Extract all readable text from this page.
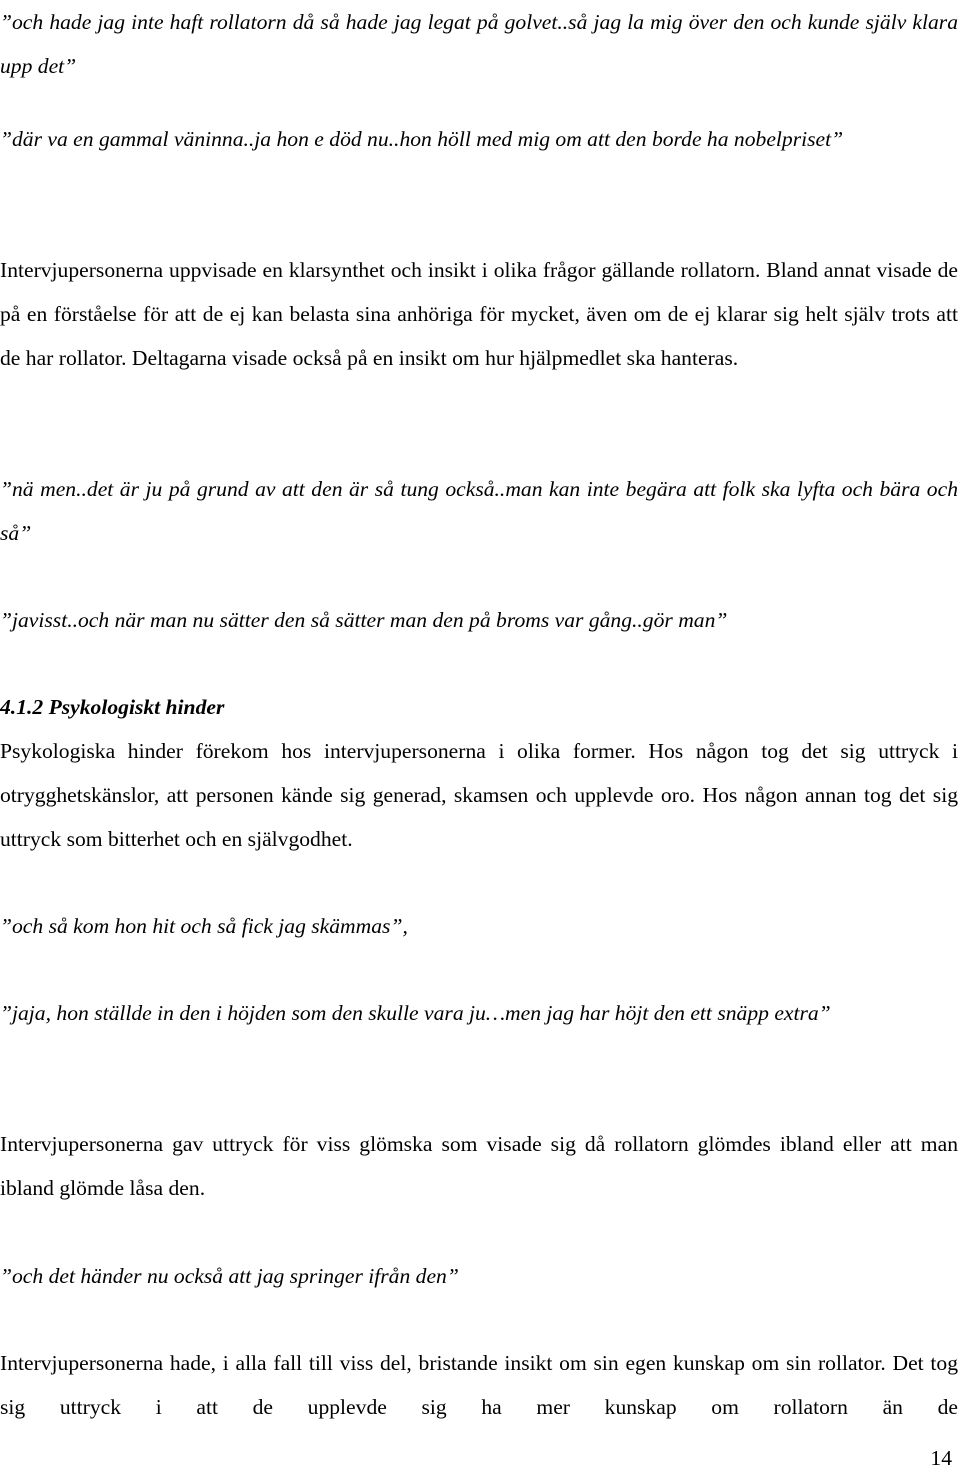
”och hade jag inte haft rollatorn då så hade jag legat på golvet..så jag la mig över den och kunde själv klara upp det”

”där va en gammal väninna..ja hon e död nu..hon höll med mig om att den borde ha nobelpriset”

Intervjupersonerna uppvisade en klarsynthet och insikt i olika frågor gällande rollatorn. Bland annat visade de på en förståelse för att de ej kan belasta sina anhöriga för mycket, även om de ej klarar sig helt själv trots att de har rollator. Deltagarna visade också på en insikt om hur hjälpmedlet ska hanteras.

”nä men..det är ju på grund av att den är så tung också..man kan inte begära att folk ska lyfta och bära och så”

”javisst..och när man nu sätter den så sätter man den på broms var gång..gör man”

4.1.2 Psykologiskt hinder

Psykologiska hinder förekom hos intervjupersonerna i olika former. Hos någon tog det sig uttryck i otrygghetskänslor, att personen kände sig generad, skamsen och upplevde oro. Hos någon annan tog det sig uttryck som bitterhet och en självgodhet.

”och så kom hon hit och så fick jag skämmas”,

”jaja, hon ställde in den i höjden som den skulle vara ju…men jag har höjt den ett snäpp extra”

Intervjupersonerna gav uttryck för viss glömska som visade sig då rollatorn glömdes ibland eller att man ibland glömde låsa den.

”och det händer nu också att jag springer ifrån den”

Intervjupersonerna hade, i alla fall till viss del, bristande insikt om sin egen kunskap om sin rollator. Det tog sig uttryck i att de upplevde sig ha mer kunskap om rollatorn än de

14
